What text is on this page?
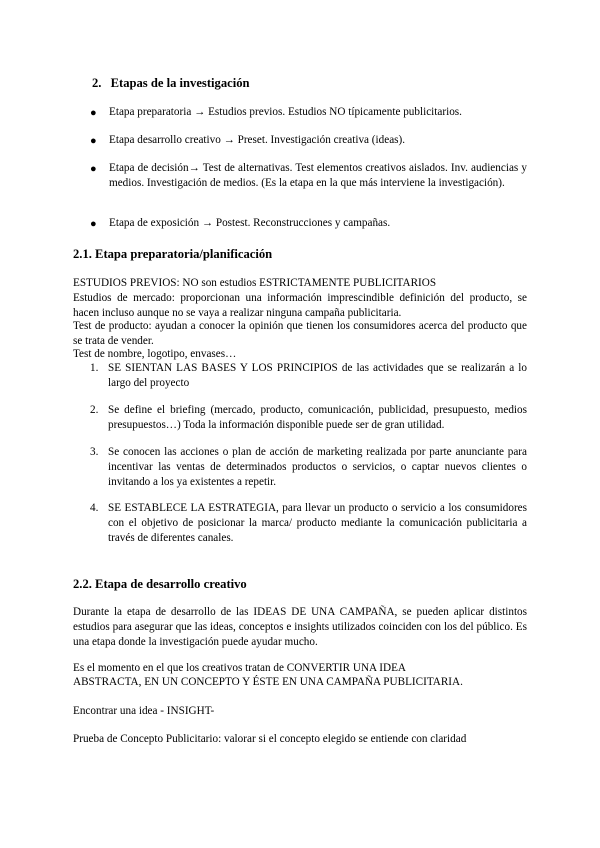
2. Etapas de la investigación
● Etapa preparatoria → Estudios previos. Estudios NO típicamente publicitarios.
● Etapa desarrollo creativo → Preset. Investigación creativa (ideas).
● Etapa de decisión→ Test de alternativas. Test elementos creativos aislados. Inv. audiencias y medios. Investigación de medios. (Es la etapa en la que más interviene la investigación).
● Etapa de exposición → Postest. Reconstrucciones y campañas.
2.1. Etapa preparatoria/planificación
ESTUDIOS PREVIOS: NO son estudios ESTRICTAMENTE PUBLICITARIOS
Estudios de mercado: proporcionan una información imprescindible definición del producto, se hacen incluso aunque no se vaya a realizar ninguna campaña publicitaria.
Test de producto: ayudan a conocer la opinión que tienen los consumidores acerca del producto que se trata de vender.
Test de nombre, logotipo, envases…
1. SE SIENTAN LAS BASES Y LOS PRINCIPIOS de las actividades que se realizarán a lo largo del proyecto
2. Se define el briefing (mercado, producto, comunicación, publicidad, presupuesto, medios presupuestos…) Toda la información disponible puede ser de gran utilidad.
3. Se conocen las acciones o plan de acción de marketing realizada por parte anunciante para incentivar las ventas de determinados productos o servicios, o captar nuevos clientes o invitando a los ya existentes a repetir.
4. SE ESTABLECE LA ESTRATEGIA, para llevar un producto o servicio a los consumidores con el objetivo de posicionar la marca/ producto mediante la comunicación publicitaria a través de diferentes canales.
2.2. Etapa de desarrollo creativo
Durante la etapa de desarrollo de las IDEAS DE UNA CAMPAÑA, se pueden aplicar distintos estudios para asegurar que las ideas, conceptos e insights utilizados coinciden con los del público. Es una etapa donde la investigación puede ayudar mucho.
Es el momento en el que los creativos tratan de CONVERTIR UNA IDEA
ABSTRACTA, EN UN CONCEPTO Y ÉSTE EN UNA CAMPAÑA PUBLICITARIA.
Encontrar una idea - INSIGHT-
Prueba de Concepto Publicitario: valorar si el concepto elegido se entiende con claridad
